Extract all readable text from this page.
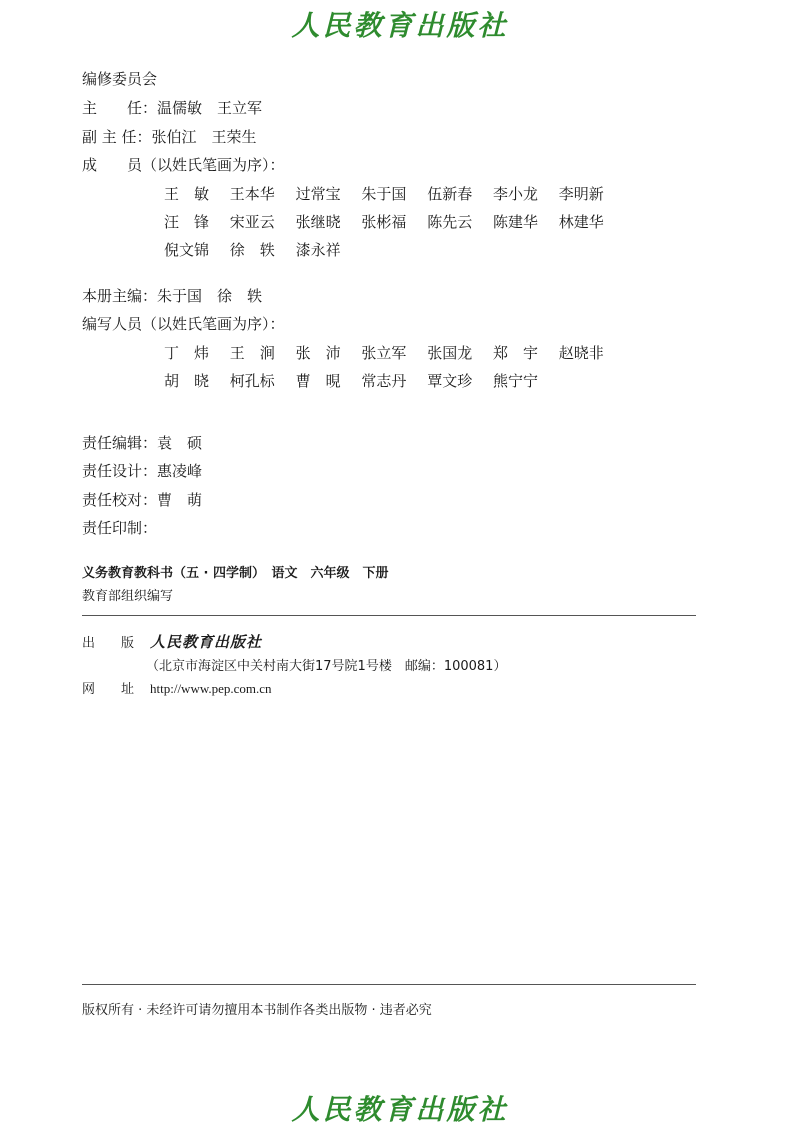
人民教育出版社
编修委员会
主　　任：温儒敏　王立军
副 主 任：张伯江　王荣生
成　　员（以姓氏笔画为序）：
王　敏 王本华 过常宝 朱于国 伍新春 李小龙 李明新
汪　锋 宋亚云 张继晓 张彬福 陈先云 陈建华 林建华
倪文锦 徐　轶 漆永祥
本册主编：朱于国　徐　轶
编写人员（以姓氏笔画为序）：
丁　炜 王　涧 张　沛 张立军 张国龙 郑　宇 赵晓非
胡　晓 柯孔标 曹　晛 常志丹 覃文珍 熊宁宁
责任编辑：袁　硕
责任设计：惠凌峰
责任校对：曹　萌
责任印制：
义务教育教科书（五 · 四学制）　语文　六年级　下册
教育部组织编写
出　　版 人民教育出版社
（北京市海淀区中关村南大街17号院1号楼　邮编：100081）
网　　址 http://www.pep.com.cn
版权所有 · 未经许可请勿擅用本书制作各类出版物 · 违者必究
人民教育出版社
